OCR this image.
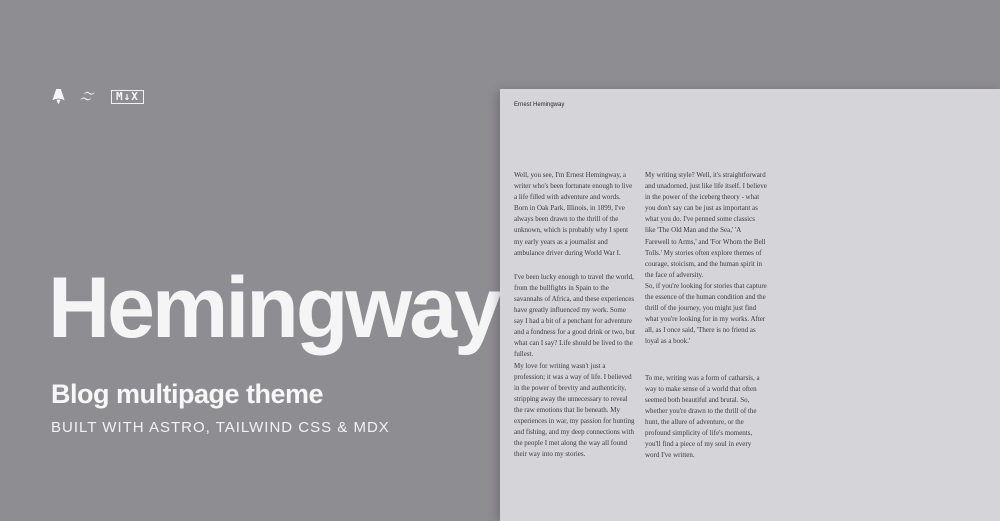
M↓X
Hemingway
Blog multipage theme

BUILT WITH ASTRO, TAILWIND CSS & MDX

Ernest Hemingway

Well, you see, I'm Ernest Hemingway, a writer who's been fortunate enough to live a life filled with adventure and words. Born in Oak Park, Illinois, in 1899, I've always been drawn to the thrill of the unknown, which is probably why I spent my early years as a journalist and ambulance driver during World War I.

I've been lucky enough to travel the world, from the bullfights in Spain to the savannahs of Africa, and these experiences have greatly influenced my work. Some say I had a bit of a penchant for adventure and a fondness for a good drink or two, but what can I say? Life should be lived to the fullest.

My love for writing wasn't just a profession; it was a way of life. I believed in the power of brevity and authenticity, stripping away the unnecessary to reveal the raw emotions that lie beneath. My experiences in war, my passion for hunting and fishing, and my deep connections with the people I met along the way all found their way into my stories.

My writing style? Well, it's straightforward and unadorned, just like life itself. I believe in the power of the iceberg theory - what you don't say can be just as important as what you do. I've penned some classics like 'The Old Man and the Sea,' 'A Farewell to Arms,' and 'For Whom the Bell Tolls.' My stories often explore themes of courage, stoicism, and the human spirit in the face of adversity.

So, if you're looking for stories that capture the essence of the human condition and the thrill of the journey, you might just find what you're looking for in my works. After all, as I once said, 'There is no friend as loyal as a book.'

To me, writing was a form of catharsis, a way to make sense of a world that often seemed both beautiful and brutal. So, whether you're drawn to the thrill of the hunt, the allure of adventure, or the profound simplicity of life's moments, you'll find a piece of my soul in every word I've written.
